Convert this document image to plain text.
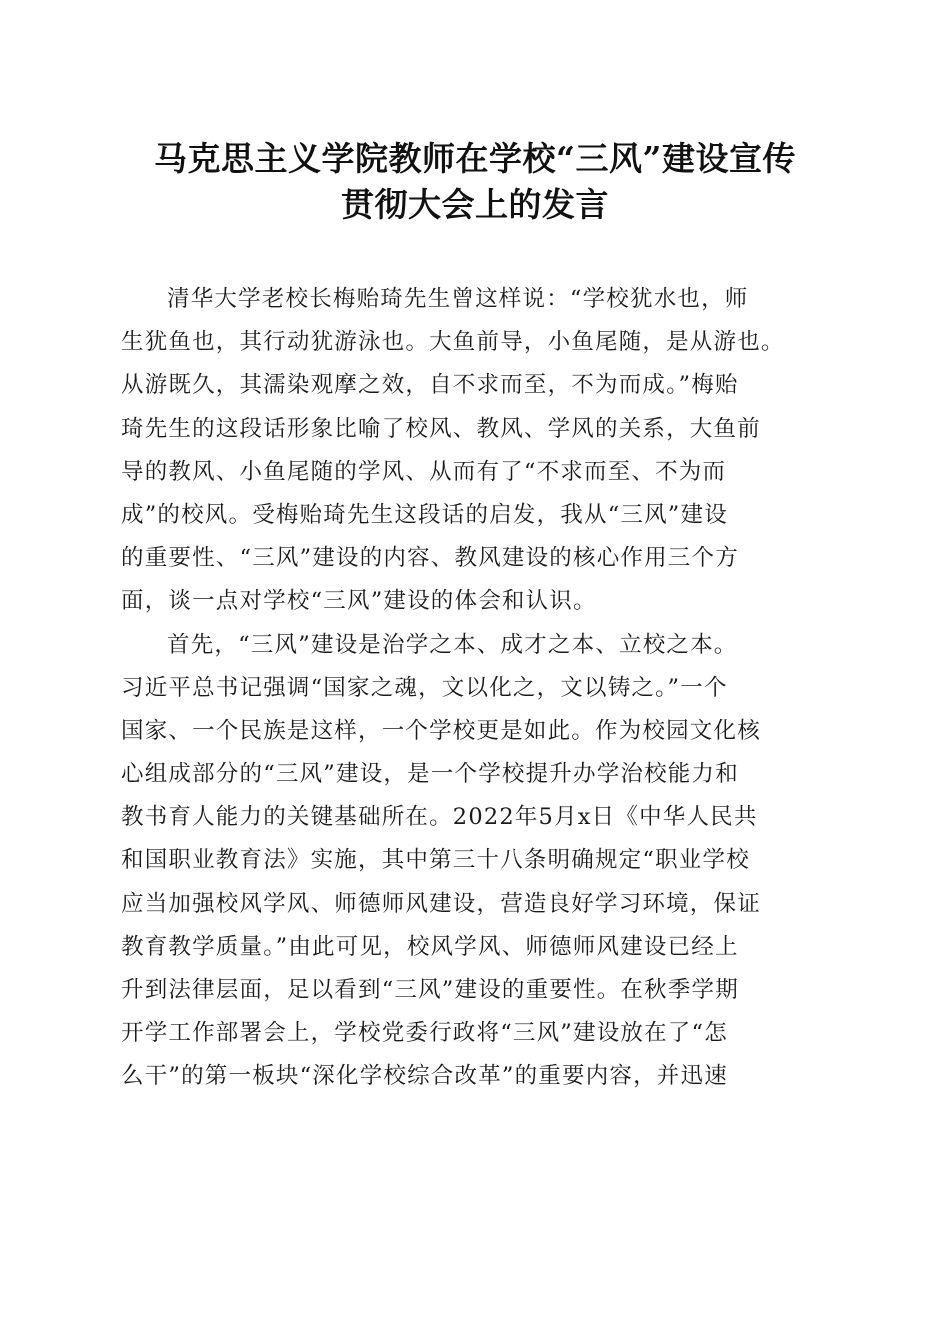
马克思主义学院教师在学校“三风”建设宣传
贯彻大会上的发言
清华大学老校长梅贻琦先生曾这样说：“学校犹水也，师
生犹鱼也，其行动犹游泳也。大鱼前导，小鱼尾随，是从游也。
从游既久，其濡染观摩之效，自不求而至，不为而成。”梅贻
琦先生的这段话形象比喻了校风、教风、学风的关系，大鱼前
导的教风、小鱼尾随的学风、从而有了“不求而至、不为而
成”的校风。受梅贻琦先生这段话的启发，我从“三风”建设
的重要性、“三风”建设的内容、教风建设的核心作用三个方
面，谈一点对学校“三风”建设的体会和认识。
首先，“三风”建设是治学之本、成才之本、立校之本。
习近平总书记强调“国家之魂，文以化之，文以铸之。”一个
国家、一个民族是这样，一个学校更是如此。作为校园文化核
心组成部分的“三风”建设，是一个学校提升办学治校能力和
教书育人能力的关键基础所在。2022年5月x日《中华人民共
和国职业教育法》实施，其中第三十八条明确规定“职业学校
应当加强校风学风、师德师风建设，营造良好学习环境，保证
教育教学质量。”由此可见，校风学风、师德师风建设已经上
升到法律层面，足以看到“三风”建设的重要性。在秋季学期
开学工作部署会上，学校党委行政将“三风”建设放在了“怎
么干”的第一板块“深化学校综合改革”的重要内容，并迅速
